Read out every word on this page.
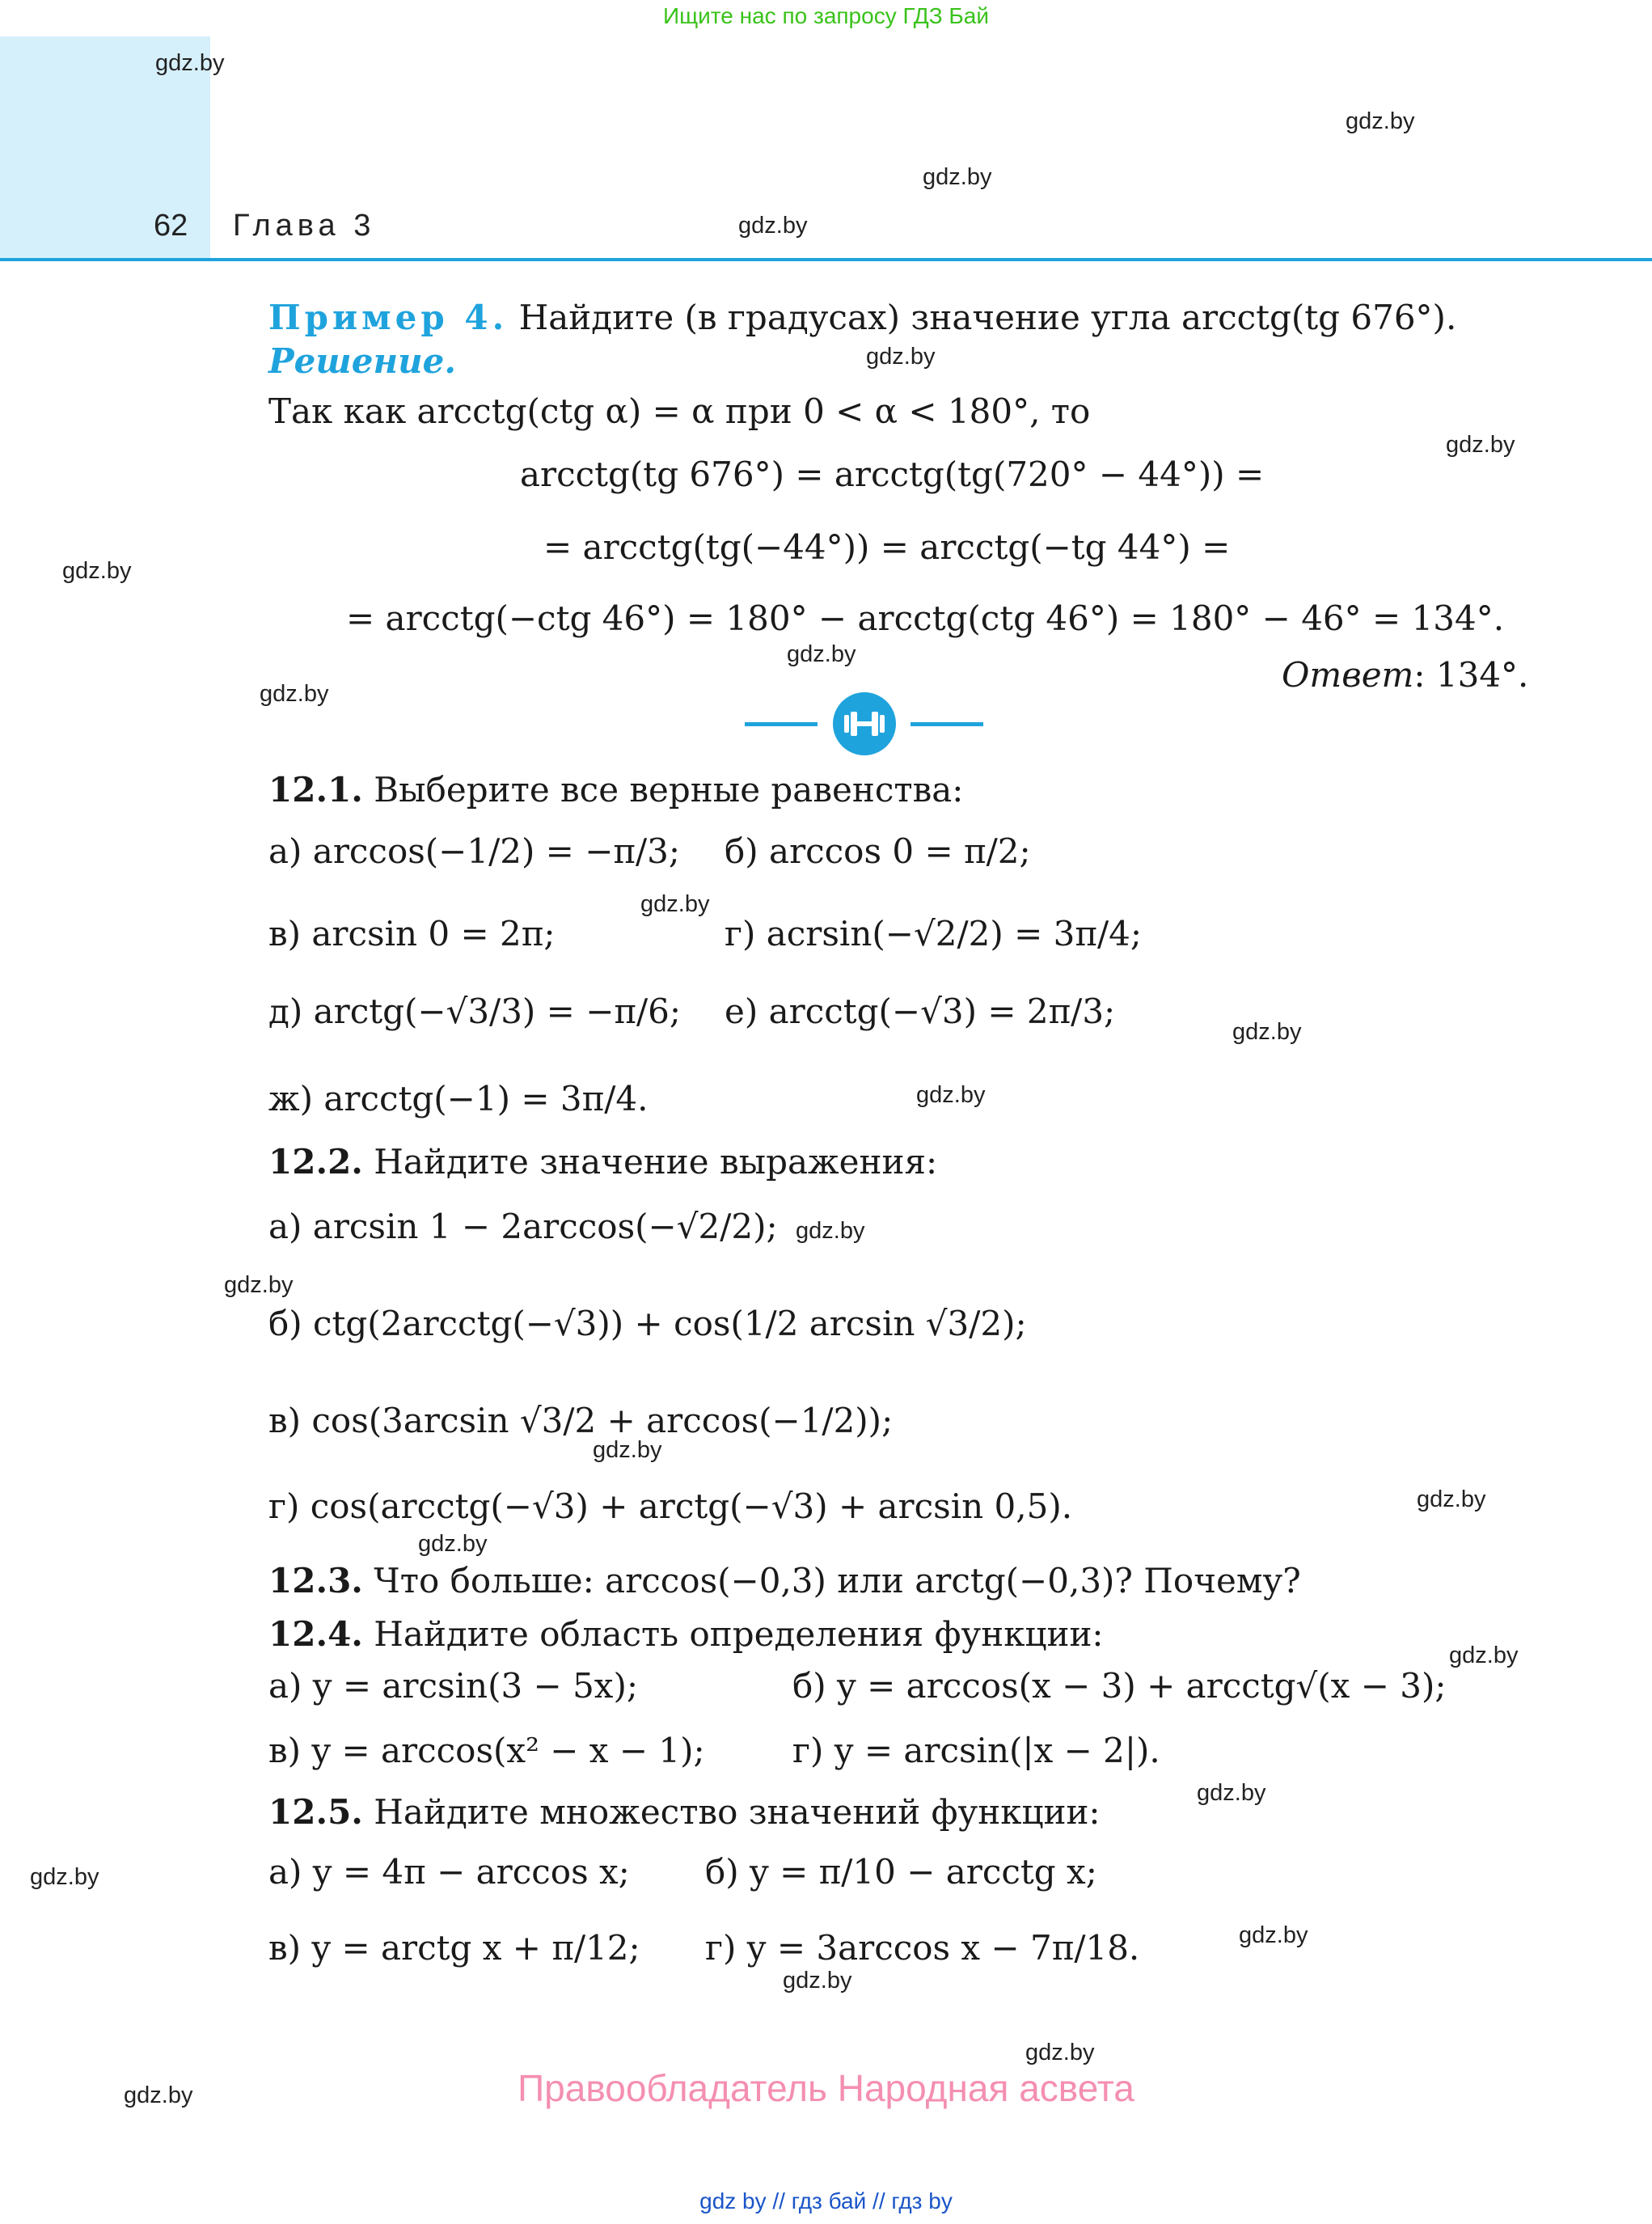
Ищите нас по запросу ГДЗ Бай
62 Глава 3
gdz.by
gdz.by
gdz.by
gdz.by
gdz.by
gdz.by
gdz.by
gdz.by
gdz.by
gdz.by
gdz.by
gdz.by
gdz.by
gdz.by
gdz.by
gdz.by
gdz.by
gdz.by
gdz.by
gdz.by
gdz.by
gdz.by
gdz.by
gdz.by
Пример 4. Найдите (в градусах) значение угла arcctg(tg 676°).
Решение.
Так как arcctg(ctg α) = α при 0 < α < 180°, то
arcctg(tg 676°) = arcctg(tg(720° − 44°)) =
= arcctg(tg(−44°)) = arcctg(−tg 44°) =
= arcctg(−ctg 46°) = 180° − arcctg(ctg 46°) = 180° − 46° = 134°.
Ответ: 134°.
12.1. Выберите все верные равенства:
а) arccos(−1/2) = −π/3; б) arccos 0 = π/2;
в) arcsin 0 = 2π;	г) acrsin(−√2/2) = 3π/4;
д) arctg(−√3/3) = −π/6; е) arcctg(−√3) = 2π/3;
ж) arcctg(−1) = 3π/4.
12.2. Найдите значение выражения:
а) arcsin 1 − 2arccos(−√2/2);
б) ctg(2arcctg(−√3)) + cos(1/2 arcsin √3/2);
в) cos(3arcsin √3/2 + arccos(−1/2));
г) cos(arcctg(−√3) + arctg(−√3) + arcsin 0,5).
12.3. Что больше: arccos(−0,3) или arctg(−0,3)? Почему?
12.4. Найдите область определения функции:
а) y = arcsin(3 − 5x);	б) y = arccos(x − 3) + arcctg√(x − 3);
в) y = arccos(x² − x − 1);	г) y = arcsin(|x − 2|).
12.5. Найдите множество значений функции:
а) y = 4π − arccos x; б) y = π/10 − arcctg x;
в) y = arctg x + π/12; г) y = 3arccos x − 7π/18.
Правообладатель Народная асвета
gdz by // гдз бай // гдз by
